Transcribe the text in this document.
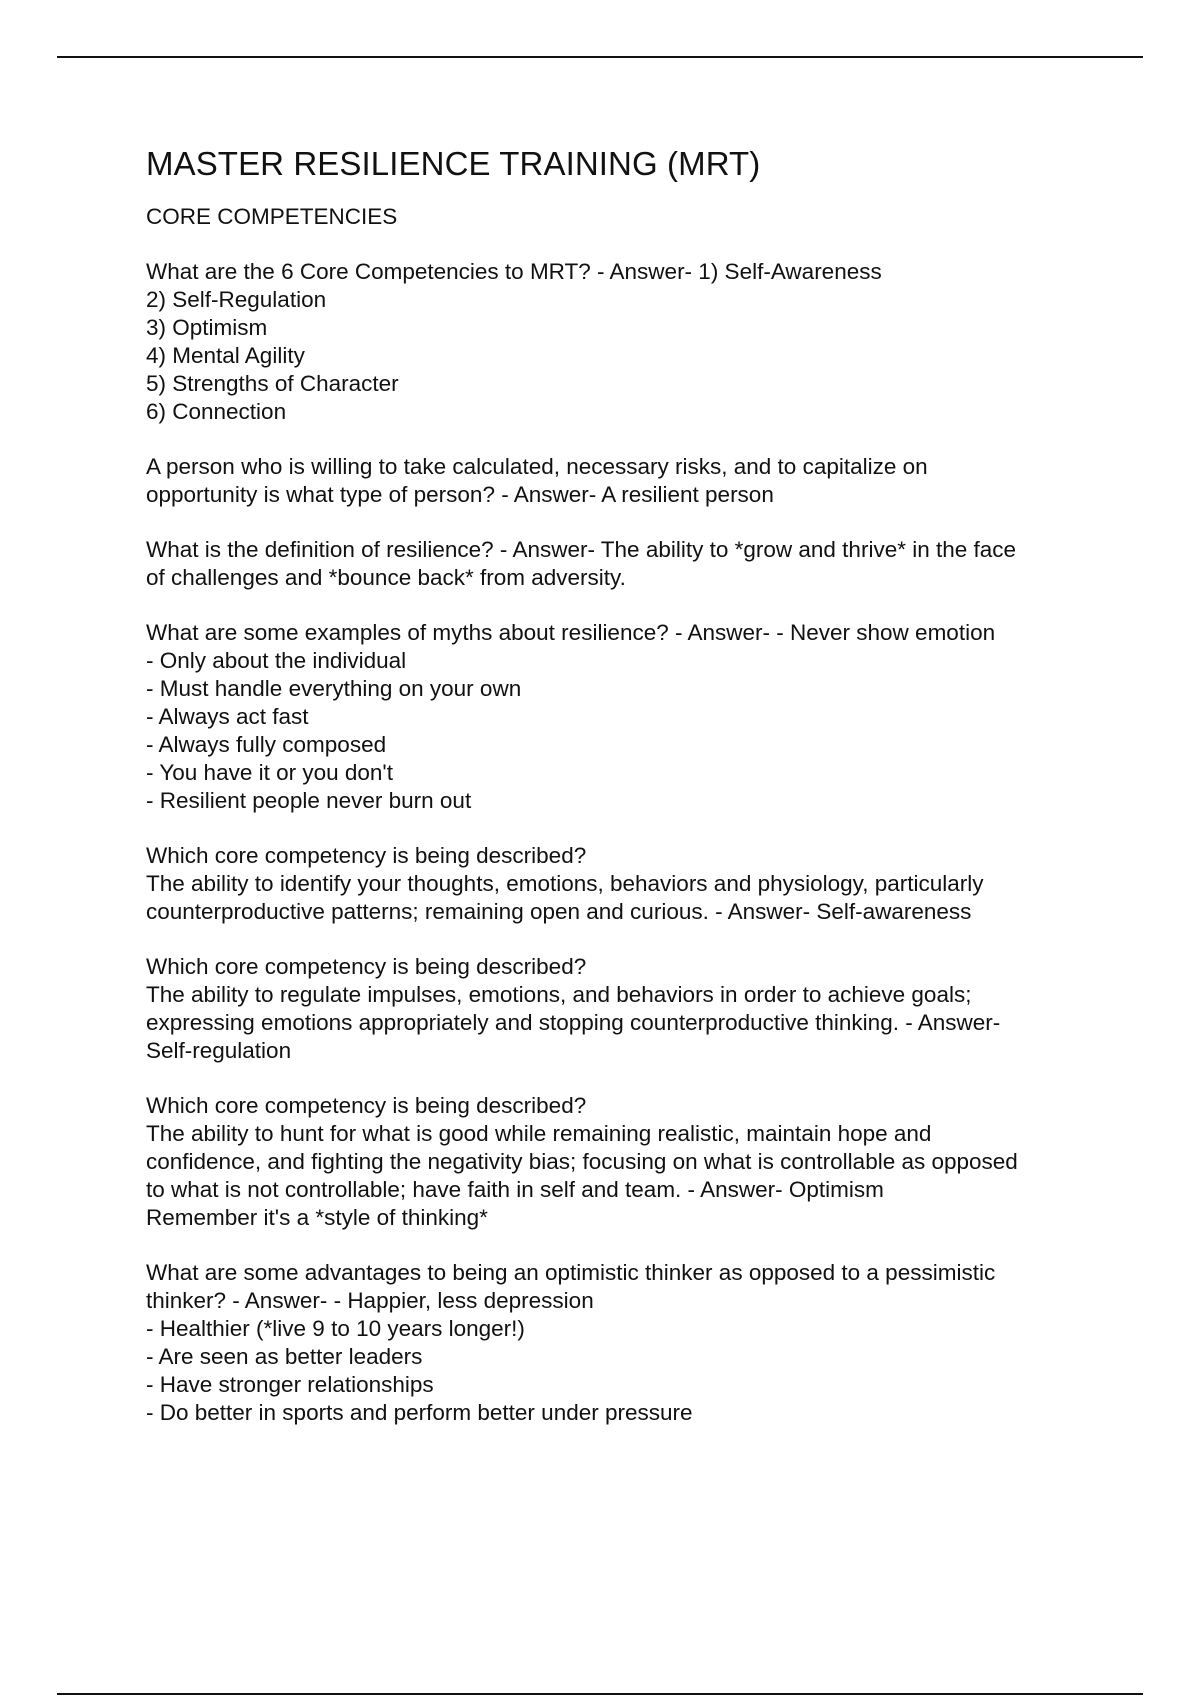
MASTER RESILIENCE TRAINING (MRT)
CORE COMPETENCIES
What are the 6 Core Competencies to MRT? - Answer- 1) Self-Awareness
2) Self-Regulation
3) Optimism
4) Mental Agility
5) Strengths of Character
6) Connection
A person who is willing to take calculated, necessary risks, and to capitalize on
opportunity is what type of person? - Answer- A resilient person
What is the definition of resilience? - Answer- The ability to *grow and thrive* in the face
of challenges and *bounce back* from adversity.
What are some examples of myths about resilience? - Answer- - Never show emotion
- Only about the individual
- Must handle everything on your own
- Always act fast
- Always fully composed
- You have it or you don't
- Resilient people never burn out
Which core competency is being described?
The ability to identify your thoughts, emotions, behaviors and physiology, particularly
counterproductive patterns; remaining open and curious. - Answer- Self-awareness
Which core competency is being described?
The ability to regulate impulses, emotions, and behaviors in order to achieve goals;
expressing emotions appropriately and stopping counterproductive thinking. - Answer-
Self-regulation
Which core competency is being described?
The ability to hunt for what is good while remaining realistic, maintain hope and
confidence, and fighting the negativity bias; focusing on what is controllable as opposed
to what is not controllable; have faith in self and team. - Answer- Optimism
Remember it's a *style of thinking*
What are some advantages to being an optimistic thinker as opposed to a pessimistic
thinker? - Answer- - Happier, less depression
- Healthier (*live 9 to 10 years longer!)
- Are seen as better leaders
- Have stronger relationships
- Do better in sports and perform better under pressure
